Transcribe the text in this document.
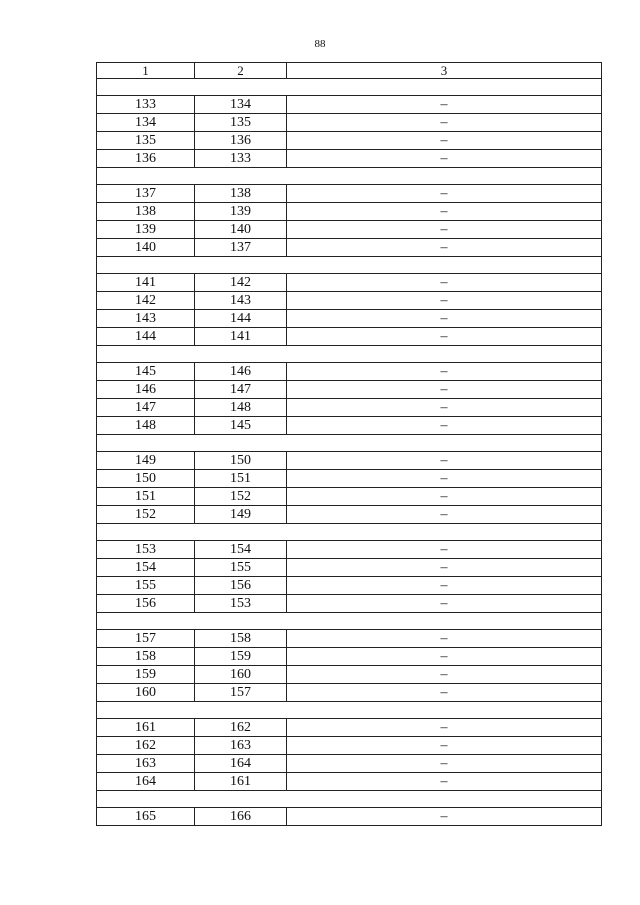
88
1	2	3

133	134	–
134	135	–
135	136	–
136	133	–

137	138	–
138	139	–
139	140	–
140	137	–

141	142	–
142	143	–
143	144	–
144	141	–

145	146	–
146	147	–
147	148	–
148	145	–

149	150	–
150	151	–
151	152	–
152	149	–

153	154	–
154	155	–
155	156	–
156	153	–

157	158	–
158	159	–
159	160	–
160	157	–

161	162	–
162	163	–
163	164	–
164	161	–

165	166	–
